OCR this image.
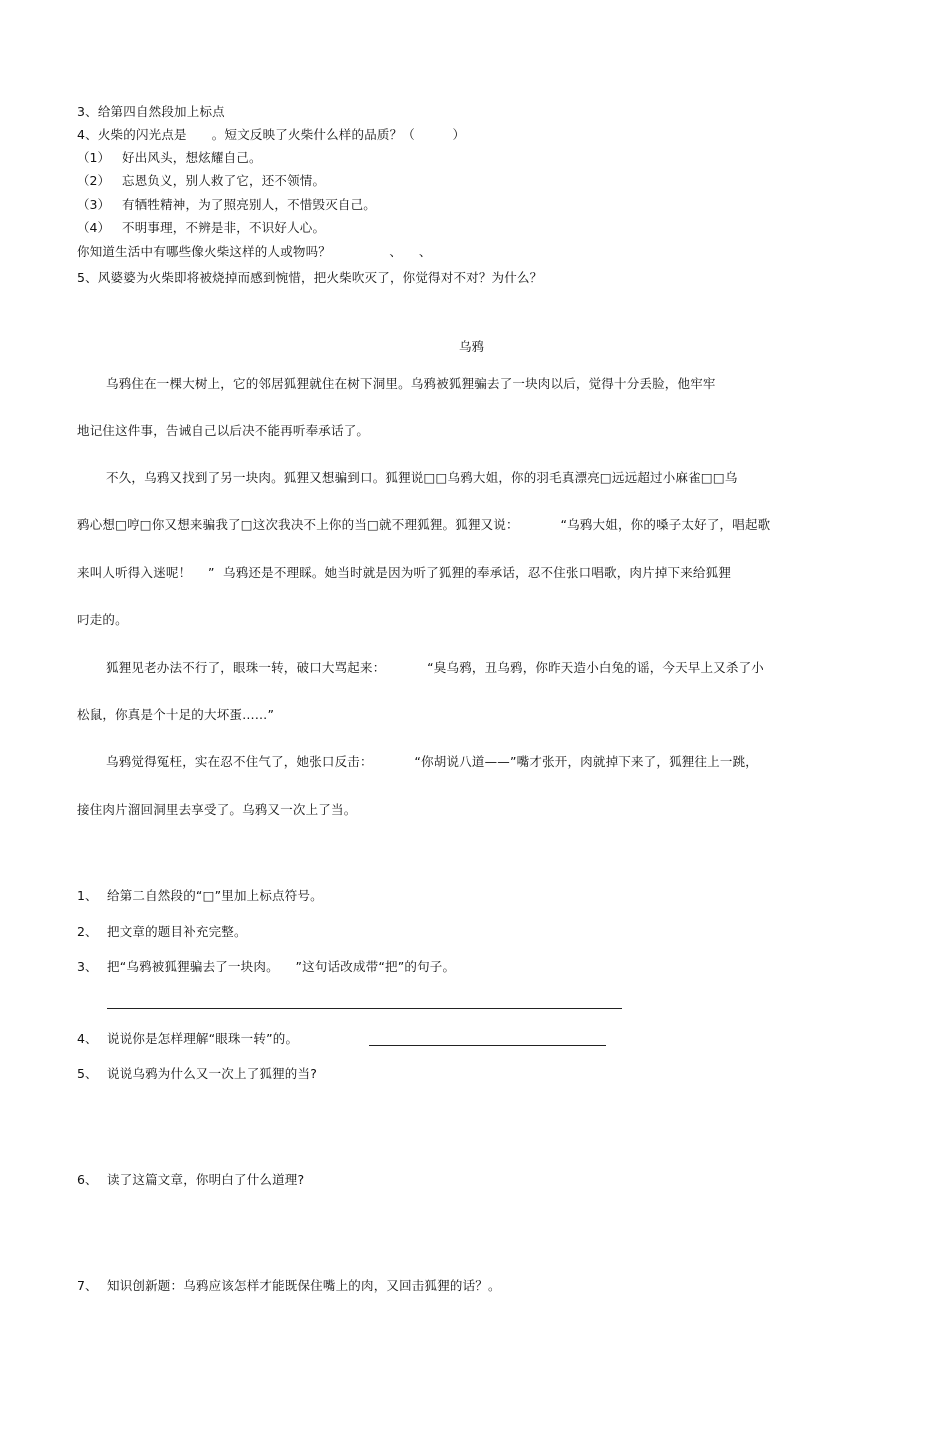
3、给第四自然段加上标点
4、火柴的闪光点是      。短文反映了火柴什么样的品质？（         ）
（1） 好出风头，想炫耀自己。
（2） 忘恩负义，别人救了它，还不领情。
（3） 有牺牲精神，为了照亮别人，不惜毁灭自己。
（4） 不明事理，不辨是非，不识好人心。
你知道生活中有哪些像火柴这样的人或物吗？              、    、
5、风婆婆为火柴即将被烧掉而感到惋惜，把火柴吹灭了，你觉得对不对？为什么？
乌鸦
乌鸦住在一棵大树上，它的邻居狐狸就住在树下洞里。乌鸦被狐狸骗去了一块肉以后，觉得十分丢脸，他牢牢
地记住这件事，告诫自己以后决不能再听奉承话了。
不久，乌鸦又找到了另一块肉。狐狸又想骗到口。狐狸说□□乌鸦大姐，你的羽毛真漂亮□远远超过小麻雀□□乌
鸦心想□哼□你又想来骗我了□这次我决不上你的当□就不理狐狸。狐狸又说：          “乌鸦大姐，你的嗓子太好了，唱起歌
来叫人听得入迷呢！    ”  乌鸦还是不理睬。她当时就是因为听了狐狸的奉承话，忍不住张口唱歌，肉片掉下来给狐狸
叼走的。
狐狸见老办法不行了，眼珠一转，破口大骂起来：          “臭乌鸦，丑乌鸦，你昨天造小白兔的谣，今天早上又杀了小
松鼠，你真是个十足的大坏蛋……”
乌鸦觉得冤枉，实在忍不住气了，她张口反击：          “你胡说八道——”嘴才张开，肉就掉下来了，狐狸往上一跳，
接住肉片溜回洞里去享受了。乌鸦又一次上了当。
1、 给第二自然段的“□”里加上标点符号。
2、 把文章的题目补充完整。
3、 把“乌鸦被狐狸骗去了一块肉。    ”这句话改成带“把”的句子。
4、 说说你是怎样理解“眼珠一转”的。
5、 说说乌鸦为什么又一次上了狐狸的当?
6、 读了这篇文章，你明白了什么道理?
7、 知识创新题：乌鸦应该怎样才能既保住嘴上的肉，又回击狐狸的话？。
